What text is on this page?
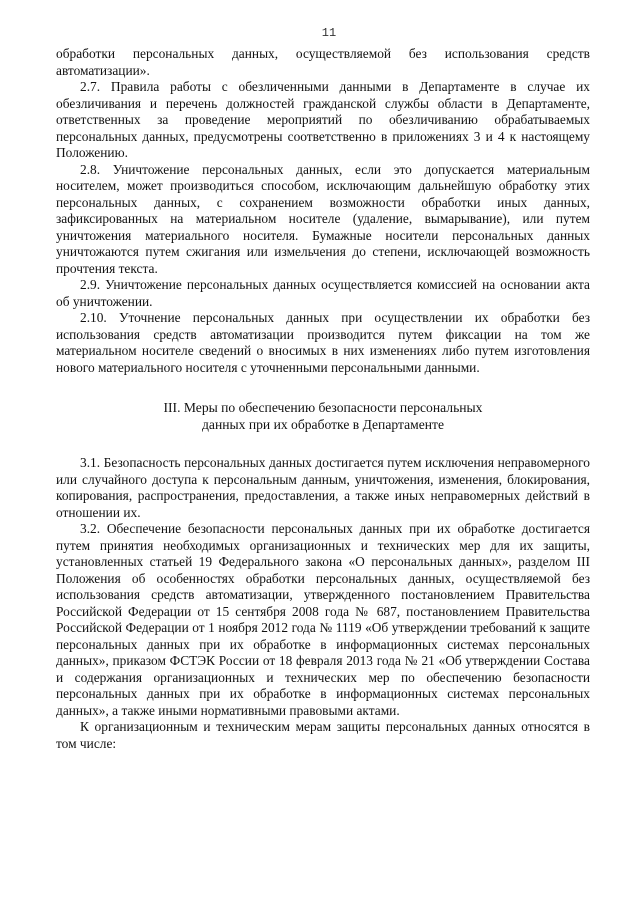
11

обработки персональных данных, осуществляемой без использования средств автоматизации».

2.7. Правила работы с обезличенными данными в Департаменте в случае их обезличивания и перечень должностей гражданской службы области в Департаменте, ответственных за проведение мероприятий по обезличиванию обрабатываемых персональных данных, предусмотрены соответственно в приложениях 3 и 4 к настоящему Положению.

2.8. Уничтожение персональных данных, если это допускается материальным носителем, может производиться способом, исключающим дальнейшую обработку этих персональных данных, с сохранением возможности обработки иных данных, зафиксированных на материальном носителе (удаление, вымарывание), или путем уничтожения материального носителя. Бумажные носители персональных данных уничтожаются путем сжигания или измельчения до степени, исключающей возможность прочтения текста.

2.9. Уничтожение персональных данных осуществляется комиссией на основании акта об уничтожении.

2.10. Уточнение персональных данных при осуществлении их обработки без использования средств автоматизации производится путем фиксации на том же материальном носителе сведений о вносимых в них изменениях либо путем изготовления нового материального носителя с уточненными персональными данными.

III. Меры по обеспечению безопасности персональных
данных при их обработке в Департаменте

3.1. Безопасность персональных данных достигается путем исключения неправомерного или случайного доступа к персональным данным, уничтожения, изменения, блокирования, копирования, распространения, предоставления, а также иных неправомерных действий в отношении их.

3.2. Обеспечение безопасности персональных данных при их обработке достигается путем принятия необходимых организационных и технических мер для их защиты, установленных статьей 19 Федерального закона «О персональных данных», разделом III Положения об особенностях обработки персональных данных, осуществляемой без использования средств автоматизации, утвержденного постановлением Правительства Российской Федерации от 15 сентября 2008 года № 687, постановлением Правительства Российской Федерации от 1 ноября 2012 года № 1119 «Об утверждении требований к защите персональных данных при их обработке в информационных системах персональных данных», приказом ФСТЭК России от 18 февраля 2013 года № 21 «Об утверждении Состава и содержания организационных и технических мер по обеспечению безопасности персональных данных при их обработке в информационных системах персональных данных», а также иными нормативными правовыми актами.

К организационным и техническим мерам защиты персональных данных относятся в том числе:
